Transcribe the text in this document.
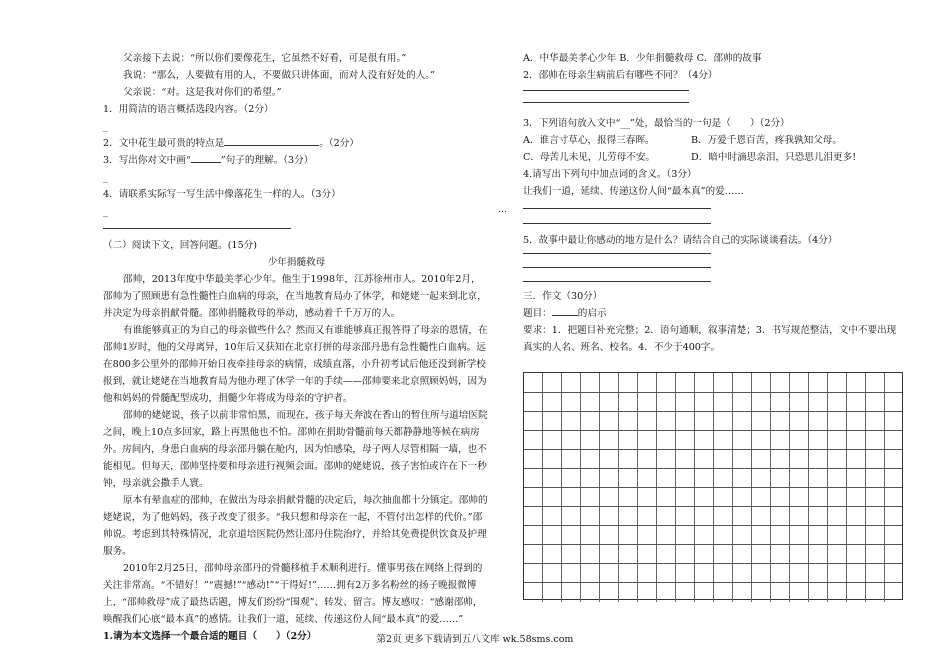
父亲接下去说：“所以你们要像花生，它虽然不好看，可是很有用。”

我说：“那么，人要做有用的人，不要做只讲体面，而对人没有好处的人。”

父亲说：“对。这是我对你们的希望。”

1．用简洁的语言概括选段内容。（2分）

_

2．文中花生最可贵的特点是	。（2分）

3．写出你对文中画“	”句子的理解。（3分）

_

4．请联系实际写一写生活中像落花生一样的人。（3分）

_

（二）阅读下文，回答问题。(15分)

少年捐髓救母

邵帅，2013年度中华最美孝心少年。他生于1998年，江苏徐州市人。2010年2月，邵帅为了照顾患有急性髓性白血病的母亲，在当地教育局办了休学，和姥姥一起来到北京，并决定为母亲捐献骨髓。邵帅捐髓救母的举动，感动着千千万万的人。

有谁能够真正的为自己的母亲做些什么？然而又有谁能够真正报答得了母亲的恩情，在邵帅1岁时，他的父母离异，10年后又获知在北京打拼的母亲邵丹患有急性髓性白血病。远在800多公里外的邵帅开始日夜牵挂母亲的病情，成绩直落，小升初考试后他还没到新学校报到，就让姥姥在当地教育局为他办理了休学一年的手续——邵帅要来北京照顾妈妈，因为他和妈妈的骨髓配型成功，捐髓少年将成为母亲的守护者。

邵帅的姥姥说，孩子以前非常怕黑，而现在，孩子每天奔波在香山的暂住所与道培医院之间，晚上10点多回家，路上再黑他也不怕。邵帅在捐助骨髓前每天都静静地等候在病房外。房间内，身患白血病的母亲邵丹躺在舱内，因为怕感染，母子两人尽管相隔一墙，也不能相见。但每天，邵帅坚持要和母亲进行视频会面。邵帅的姥姥说，孩子害怕或许在下一秒钟，母亲就会撒手人寰。

原本有晕血症的邵帅，在做出为母亲捐献骨髓的决定后，每次抽血都十分镇定。邵帅的姥姥说，为了他妈妈，孩子改变了很多。“我只想和母亲在一起，不管付出怎样的代价。”邵帅说。考虑到其特殊情况，北京道培医院仍然让邵丹住院治疗，并给其免费提供饮食及护理服务。

2010年2月25日，邵帅母亲邵丹的骨髓移植手术顺利进行。懂事男孩在网络上得到的关注非常高。“不错好！”“震撼!”“感动!”“干得好!”……拥有2万多名粉丝的扬子晚报微博上，“邵帅救母”成了最热话题，博友们纷纷“围观”、转发、留言。博友感叹：“感谢邵帅，唤醒我们心底“最本真”的感情。让我们一道，延续、传递这份人间“最本真”的爱……”

1.请为本文选择一个最合适的题目（　　）（2分）

…

A．中华最美孝心少年 B．少年捐髓救母 C．邵帅的故事

2．邵帅在母亲生病前后有哪些不同？（4分）

3．下列语句放入文中“__”处，最恰当的一句是（　　）（2分）

A．谁言寸草心，报得三春晖。	B．万爱千恩百苦，疼我孰知父母。

C．母苦儿未见，儿劳母不安。	D．暗中时滴思亲泪，只恐思儿泪更多!

4.请写出下列句中加点词的含义。（3分）

让我们一道，延续、传递这份人间“最本真”的爱……

5．故事中最让你感动的地方是什么？请结合自己的实际谈谈看法。（4分）

三．作文（30分）

题目：	的启示

要求：1．把题目补充完整；2．语句通顺，叙事清楚；3．书写规范整洁，文中不要出现真实的人名、班名、校名。4．不少于400字。

第2页 更多下载请到五八文库 wk.58sms.com
